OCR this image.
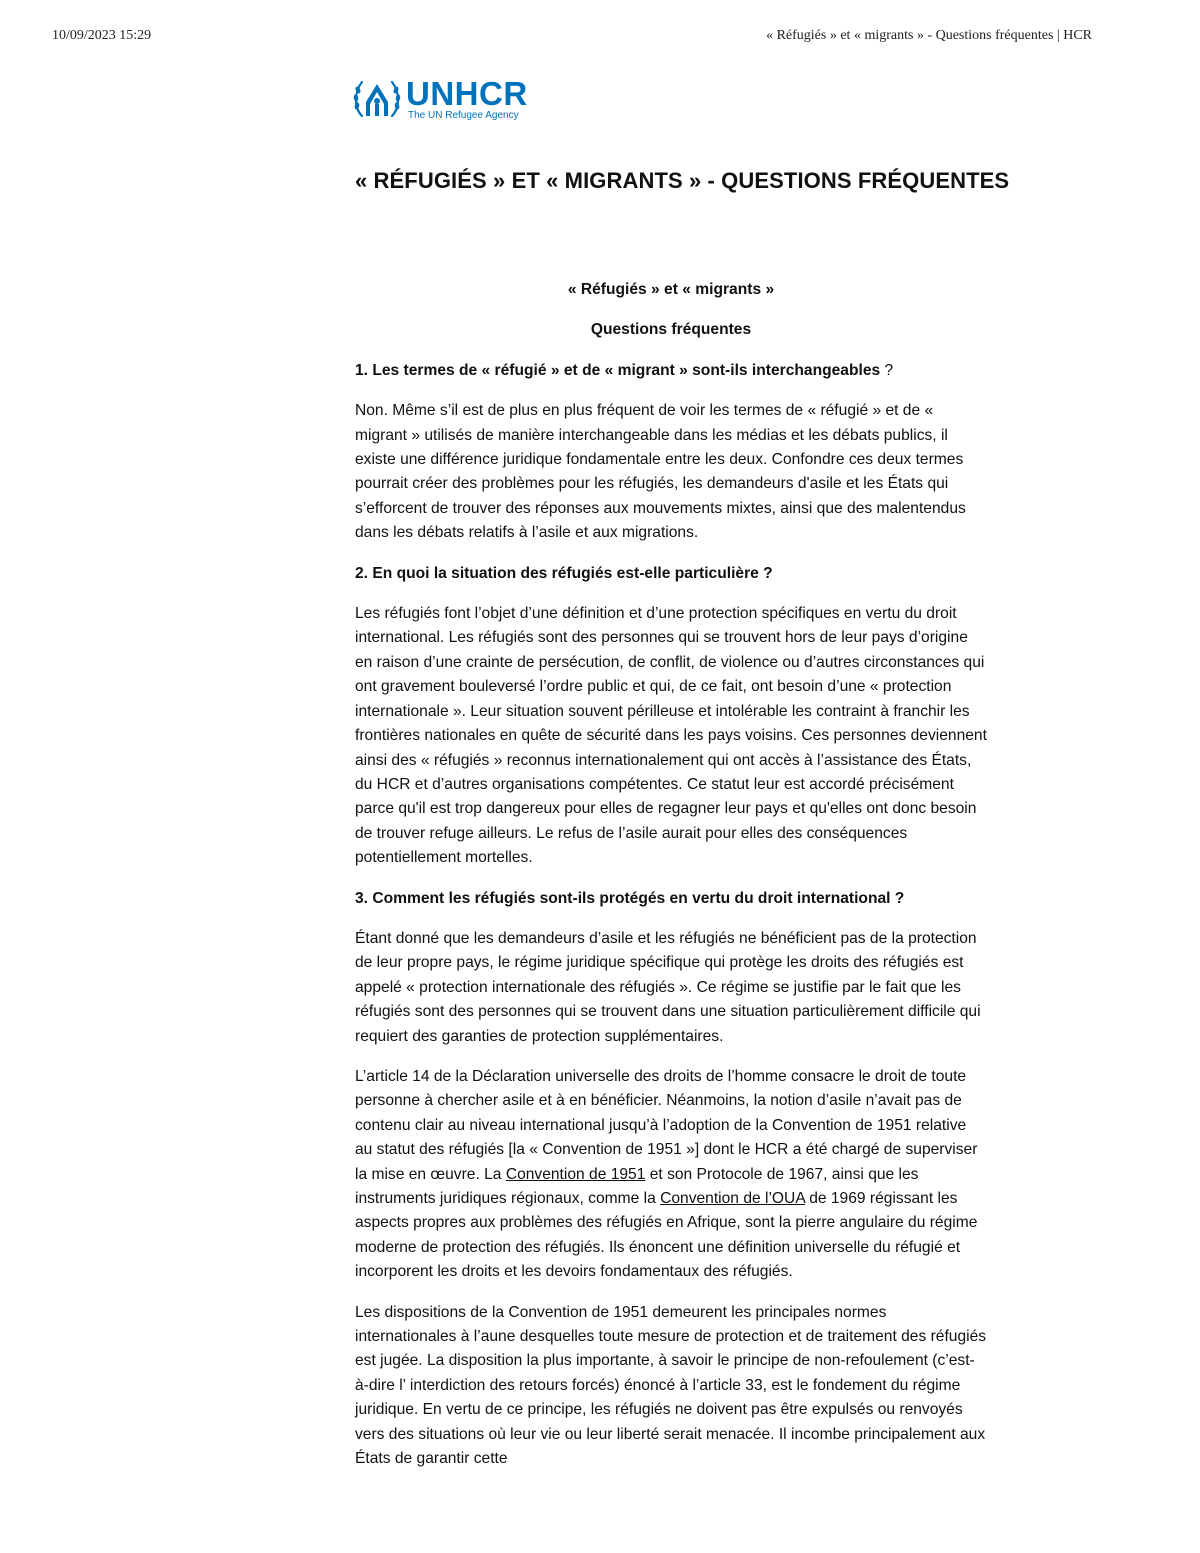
10/09/2023 15:29	« Réfugiés » et « migrants » - Questions fréquentes | HCR
UNHCR
The UN Refugee Agency
« RÉFUGIÉS » ET « MIGRANTS » - QUESTIONS FRÉQUENTES

« Réfugiés » et « migrants »

Questions fréquentes

1. Les termes de « réfugié » et de « migrant » sont-ils interchangeables ?

Non. Même s’il est de plus en plus fréquent de voir les termes de « réfugié » et de « migrant » utilisés de manière interchangeable dans les médias et les débats publics, il existe une différence juridique fondamentale entre les deux. Confondre ces deux termes pourrait créer des problèmes pour les réfugiés, les demandeurs d'asile et les États qui s’efforcent de trouver des réponses aux mouvements mixtes, ainsi que des malentendus dans les débats relatifs à l’asile et aux migrations.

2. En quoi la situation des réfugiés est-elle particulière ?

Les réfugiés font l’objet d’une définition et d’une protection spécifiques en vertu du droit international. Les réfugiés sont des personnes qui se trouvent hors de leur pays d’origine en raison d’une crainte de persécution, de conflit, de violence ou d’autres circonstances qui ont gravement bouleversé l’ordre public et qui, de ce fait, ont besoin d’une « protection internationale ». Leur situation souvent périlleuse et intolérable les contraint à franchir les frontières nationales en quête de sécurité dans les pays voisins. Ces personnes deviennent ainsi des « réfugiés » reconnus internationalement qui ont accès à l’assistance des États, du HCR et d’autres organisations compétentes. Ce statut leur est accordé précisément parce qu'il est trop dangereux pour elles de regagner leur pays et qu'elles ont donc besoin de trouver refuge ailleurs. Le refus de l’asile aurait pour elles des conséquences potentiellement mortelles.

3. Comment les réfugiés sont-ils protégés en vertu du droit international ?

Étant donné que les demandeurs d’asile et les réfugiés ne bénéficient pas de la protection de leur propre pays, le régime juridique spécifique qui protège les droits des réfugiés est appelé « protection internationale des réfugiés ». Ce régime se justifie par le fait que les réfugiés sont des personnes qui se trouvent dans une situation particulièrement difficile qui requiert des garanties de protection supplémentaires.

L’article 14 de la Déclaration universelle des droits de l’homme consacre le droit de toute personne à chercher asile et à en bénéficier. Néanmoins, la notion d’asile n’avait pas de contenu clair au niveau international jusqu’à l’adoption de la Convention de 1951 relative au statut des réfugiés [la « Convention de 1951 »] dont le HCR a été chargé de superviser la mise en œuvre. La Convention de 1951 et son Protocole de 1967, ainsi que les instruments juridiques régionaux, comme la Convention de l’OUA de 1969 régissant les aspects propres aux problèmes des réfugiés en Afrique, sont la pierre angulaire du régime moderne de protection des réfugiés. Ils énoncent une définition universelle du réfugié et incorporent les droits et les devoirs fondamentaux des réfugiés.

Les dispositions de la Convention de 1951 demeurent les principales normes internationales à l’aune desquelles toute mesure de protection et de traitement des réfugiés est jugée. La disposition la plus importante, à savoir le principe de non-refoulement (c’est-à-dire l’ interdiction des retours forcés) énoncé à l’article 33, est le fondement du régime juridique. En vertu de ce principe, les réfugiés ne doivent pas être expulsés ou renvoyés vers des situations où leur vie ou leur liberté serait menacée. Il incombe principalement aux États de garantir cette
